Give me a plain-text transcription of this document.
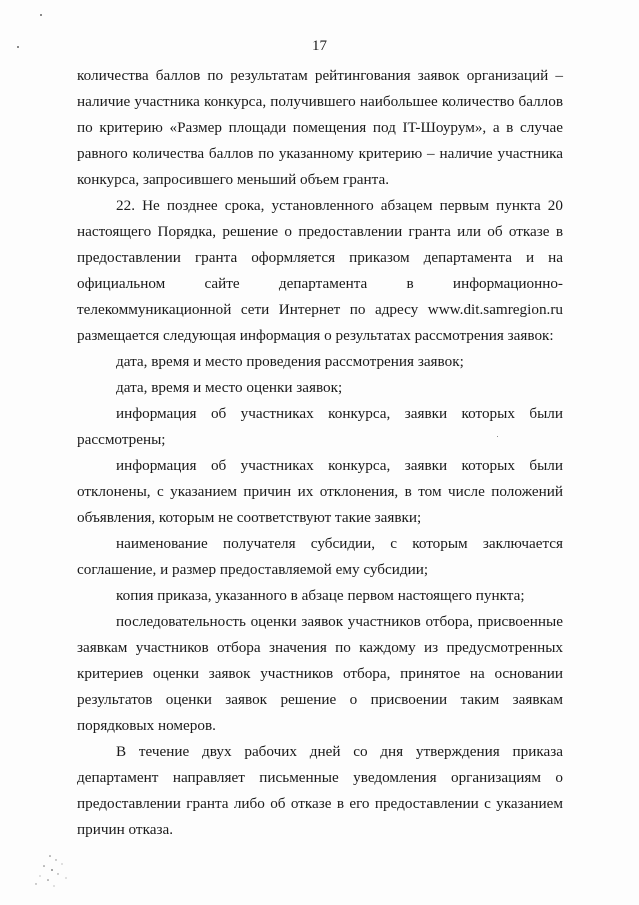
17

количества баллов по результатам рейтингования заявок организаций – наличие участника конкурса, получившего наибольшее количество баллов по критерию «Размер площади помещения под IT-Шоурум», а в случае равного количества баллов по указанному критерию – наличие участника конкурса, запросившего меньший объем гранта.

22. Не позднее срока, установленного абзацем первым пункта 20 настоящего Порядка, решение о предоставлении гранта или об отказе в предоставлении гранта оформляется приказом департамента и на официальном сайте департамента в информационно-телекоммуникационной сети Интернет по адресу www.dit.samregion.ru размещается следующая информация о результатах рассмотрения заявок:

дата, время и место проведения рассмотрения заявок;

дата, время и место оценки заявок;

информация об участниках конкурса, заявки которых были рассмотрены;

информация об участниках конкурса, заявки которых были отклонены, с указанием причин их отклонения, в том числе положений объявления, которым не соответствуют такие заявки;

наименование получателя субсидии, с которым заключается соглашение, и размер предоставляемой ему субсидии;

копия приказа, указанного в абзаце первом настоящего пункта;

последовательность оценки заявок участников отбора, присвоенные заявкам участников отбора значения по каждому из предусмотренных критериев оценки заявок участников отбора, принятое на основании результатов оценки заявок решение о присвоении таким заявкам порядковых номеров.

В течение двух рабочих дней со дня утверждения приказа департамент направляет письменные уведомления организациям о предоставлении гранта либо об отказе в его предоставлении с указанием причин отказа.
